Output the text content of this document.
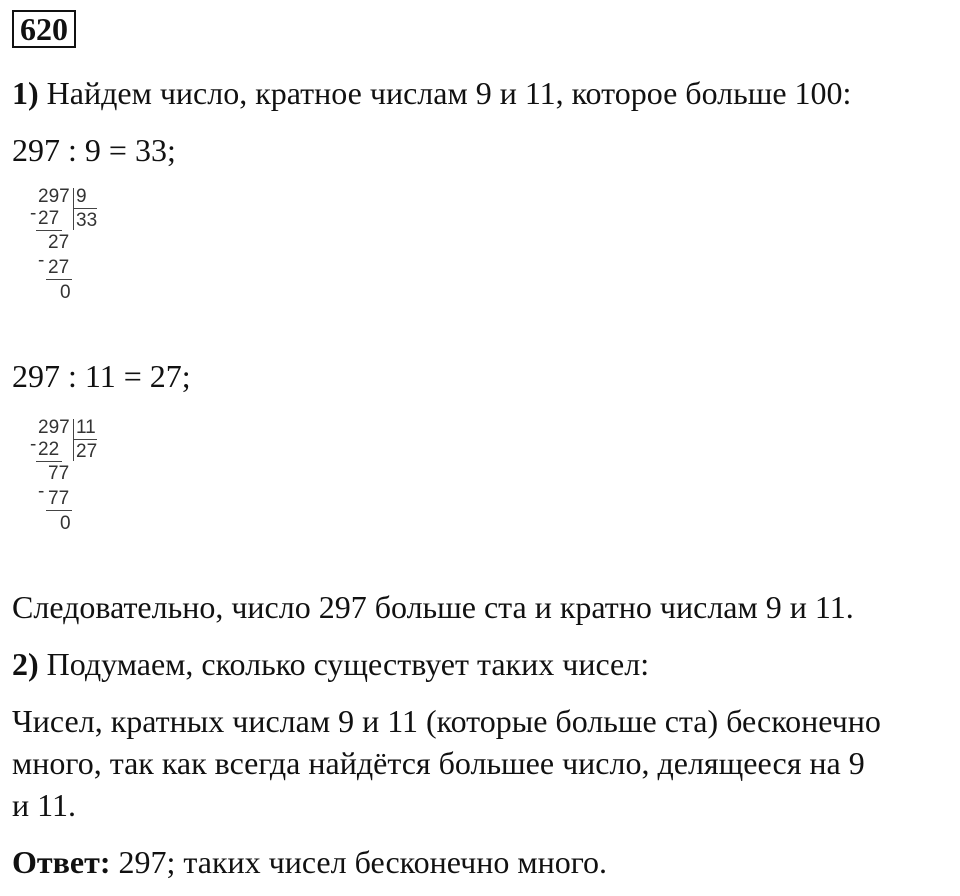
620
1) Найдем число, кратное числам 9 и 11, которое больше 100:
297 : 9 = 33;
297 9
- 27 33
27
- 27
0
297 : 11 = 27;
297 11
- 22 27
77
- 77
0
Следовательно, число 297 больше ста и кратно числам 9 и 11.
2) Подумаем, сколько существует таких чисел:
Чисел, кратных числам 9 и 11 (которые больше ста) бесконечно
много, так как всегда найдётся большее число, делящееся на 9
и 11.
Ответ: 297; таких чисел бесконечно много.
